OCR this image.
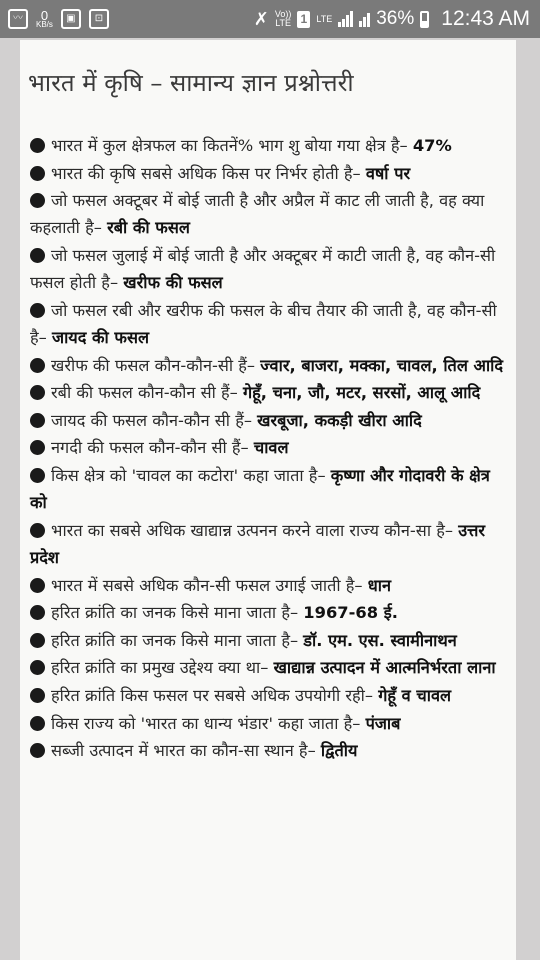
〰	0
KB/s
▣	⊡	✗ Vo))
LTE 1	LTE 36% 12:43 AM
भारत में कृषि – सामान्य ज्ञान प्रश्नोत्तरी

भारत में कुल क्षेत्रफल का कितनें% भाग शु बोया गया क्षेत्र है– 47%

भारत की कृषि सबसे अधिक किस पर निर्भर होती है– वर्षा पर

जो फसल अक्टूबर में बोई जाती है और अप्रैल में काट ली जाती है, वह क्या कहलाती है– रबी की फसल

जो फसल जुलाई में बोई जाती है और अक्टूबर में काटी जाती है, वह कौन-सी फसल होती है– खरीफ की फसल

जो फसल रबी और खरीफ की फसल के बीच तैयार की जाती है, वह कौन-सी है– जायद की फसल

खरीफ की फसल कौन-कौन-सी हैं– ज्वार, बाजरा, मक्का, चावल, तिल आदि

रबी की फसल कौन-कौन सी हैं– गेहूँ, चना, जौ, मटर, सरसों, आलू आदि

जायद की फसल कौन-कौन सी हैं– खरबूजा, ककड़ी खीरा आदि

नगदी की फसल कौन-कौन सी हैं– चावल

किस क्षेत्र को 'चावल का कटोरा' कहा जाता है– कृष्णा और गोदावरी के क्षेत्र को

भारत का सबसे अधिक खाद्यान्न उत्पनन करने वाला राज्य कौन-सा है– उत्तर प्रदेश

भारत में सबसे अधिक कौन-सी फसल उगाई जाती है– धान

हरित क्रांति का जनक किसे माना जाता है– 1967-68 ई.

हरित क्रांति का जनक किसे माना जाता है– डॉ. एम. एस. स्वामीनाथन

हरित क्रांति का प्रमुख उद्देश्य क्या था– खाद्यान्न उत्पादन में आत्मनिर्भरता लाना

हरित क्रांति किस फसल पर सबसे अधिक उपयोगी रही– गेहूँ व चावल

किस राज्य को 'भारत का धान्य भंडार' कहा जाता है– पंजाब

सब्जी उत्पादन में भारत का कौन-सा स्थान है– द्वितीय
